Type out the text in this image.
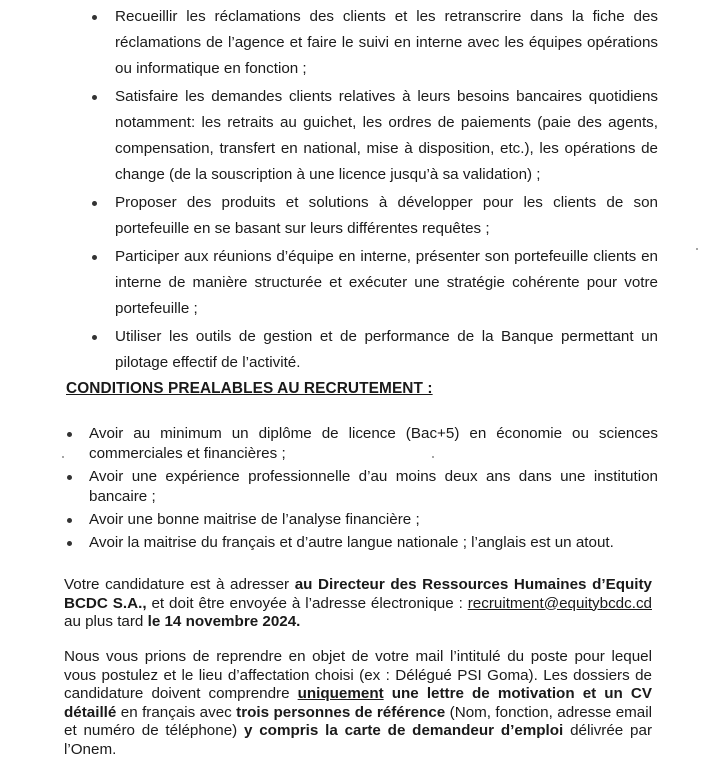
Recueillir les réclamations des clients et les retranscrire dans la fiche des réclamations de l’agence et faire le suivi en interne avec les équipes opérations ou informatique en fonction ;
Satisfaire les demandes clients relatives à leurs besoins bancaires quotidiens notamment: les retraits au guichet, les ordres de paiements (paie des agents, compensation, transfert en national, mise à disposition, etc.), les opérations de change (de la souscription à une licence jusqu’à sa validation) ;
Proposer des produits et solutions à développer pour les clients de son portefeuille en se basant sur leurs différentes requêtes ;
Participer aux réunions d’équipe en interne, présenter son portefeuille clients en interne de manière structurée et exécuter une stratégie cohérente pour votre portefeuille ;
Utiliser les outils de gestion et de performance de la Banque permettant un pilotage effectif de l’activité.
CONDITIONS PREALABLES AU RECRUTEMENT :
Avoir au minimum un diplôme de licence (Bac+5) en économie ou sciences commerciales et financières ;
Avoir une expérience professionnelle d’au moins deux ans dans une institution bancaire ;
Avoir une bonne maitrise de l’analyse financière ;
Avoir la maitrise du français et d’autre langue nationale ; l’anglais est un atout.
Votre candidature est à adresser au Directeur des Ressources Humaines d’Equity BCDC S.A., et doit être envoyée à l’adresse électronique : recruitment@equitybcdc.cd au plus tard le 14 novembre 2024.
Nous vous prions de reprendre en objet de votre mail l’intitulé du poste pour lequel vous postulez et le lieu d’affectation choisi (ex : Délégué PSI Goma). Les dossiers de candidature doivent comprendre uniquement une lettre de motivation et un CV détaillé en français avec trois personnes de référence (Nom, fonction, adresse email et numéro de téléphone) y compris la carte de demandeur d’emploi délivrée par l’Onem.
